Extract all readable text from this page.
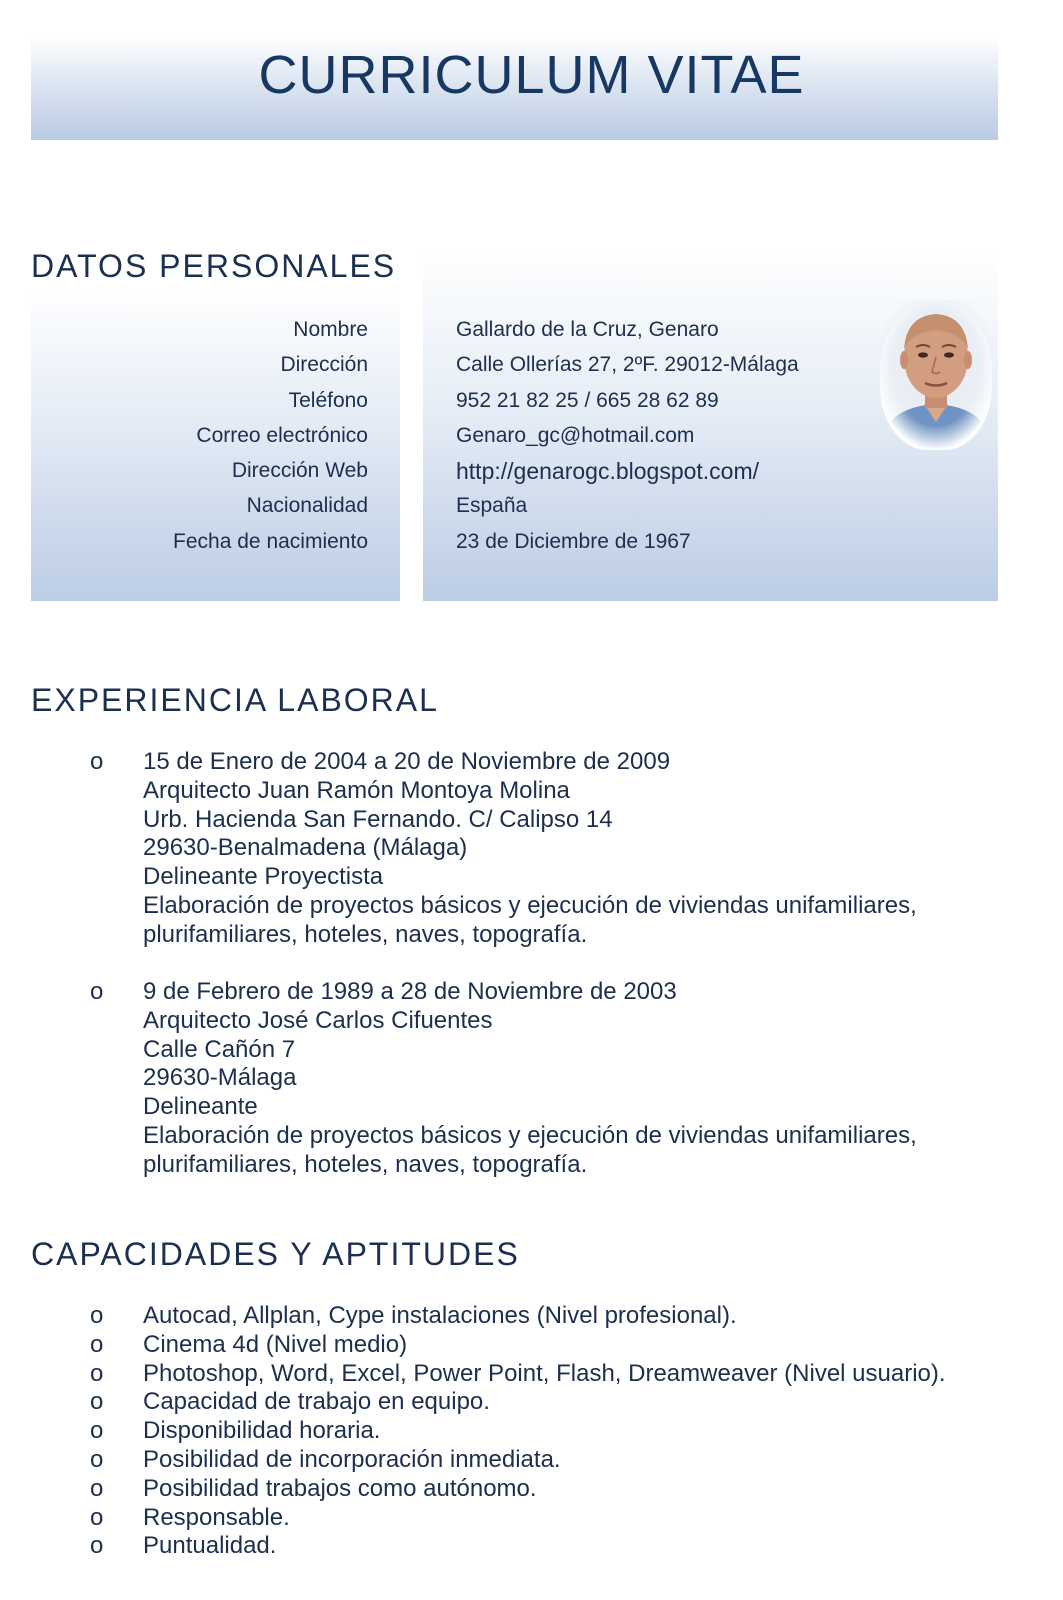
CURRICULUM VITAE
DATOS PERSONALES
Nombre
Dirección
Teléfono
Correo electrónico
Dirección Web
Nacionalidad
Fecha de nacimiento
Gallardo de la Cruz, Genaro
Calle Ollerías 27, 2ºF. 29012-Málaga
952 21 82 25 / 665 28 62 89
Genaro_gc@hotmail.com
http://genarogc.blogspot.com/
España
23 de Diciembre de 1967
EXPERIENCIA LABORAL
o 15 de Enero de 2004 a 20 de Noviembre de 2009
Arquitecto Juan Ramón Montoya Molina
Urb. Hacienda San Fernando. C/ Calipso 14
29630-Benalmadena (Málaga)
Delineante Proyectista
Elaboración de proyectos básicos y ejecución de viviendas unifamiliares,
plurifamiliares, hoteles, naves, topografía.
o 9 de Febrero de 1989 a 28 de Noviembre de 2003
Arquitecto José Carlos Cifuentes
Calle Cañón 7
29630-Málaga
Delineante
Elaboración de proyectos básicos y ejecución de viviendas unifamiliares,
plurifamiliares, hoteles, naves, topografía.
CAPACIDADES Y APTITUDES
o Autocad, Allplan, Cype instalaciones (Nivel profesional).
o Cinema 4d (Nivel medio)
o Photoshop, Word, Excel, Power Point, Flash, Dreamweaver (Nivel usuario).
o Capacidad de trabajo en equipo.
o Disponibilidad horaria.
o Posibilidad de incorporación inmediata.
o Posibilidad trabajos como autónomo.
o Responsable.
o Puntualidad.
